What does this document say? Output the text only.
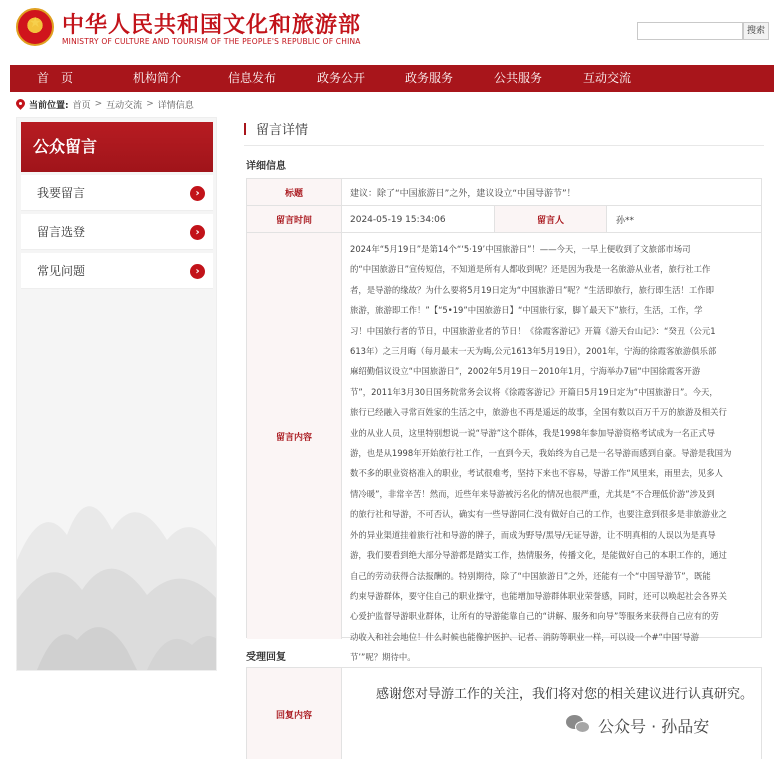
★ 中华人民共和国文化和旅游部
MINISTRY OF CULTURE AND TOURISM OF THE PEOPLE'S REPUBLIC OF CHINA
搜索
首　页	机构简介	信息发布	政务公开	政务服务	公共服务	互动交流
当前位置: 首页 > 互动交流 > 详情信息
公众留言
我要留言	›
留言选登	›
常见问题	›
留言详情
详细信息
标题	建议：除了“中国旅游日”之外，建议设立“中国导游节”！
留言时间	2024-05-19 15:34:06	留言人	孙**
留言内容

2024年“5月19日”是第14个“‘5·19’中国旅游日”！——今天，一早上便收到了文旅部市场司

的“中国旅游日”宣传短信，不知道是所有人都收到呢？还是因为我是一名旅游从业者，旅行社工作

者，是导游的缘故？为什么要将5月19日定为“中国旅游日”呢？“生活即旅行，旅行即生活！工作即

旅游，旅游即工作！”【“5•19”中国旅游日】“中国旅行家，脚丫最天下”旅行，生活，工作，学

习！中国旅行者的节日，中国旅游业者的节日！《徐霞客游记》开篇《游天台山记》：“癸丑（公元1

613年）之三月晦（每月最末一天为晦,公元1613年5月19日），2001年，宁海的徐霞客旅游俱乐部

麻绍勤倡议设立“中国旅游日”，2002年5月19日－2010年1月，宁海举办7届“中国徐霞客开游

节”，2011年3月30日国务院常务会议将《徐霞客游记》开篇日5月19日定为“中国旅游日”。今天，

旅行已经融入寻常百姓家的生活之中，旅游也不再是遥远的故事，全国有数以百万千万的旅游及相关行

业的从业人员，这里特别想说一说“导游”这个群体，我是1998年参加导游资格考试成为一名正式导

游，也是从1998年开始旅行社工作，一直到今天，我始终为自己是一名导游而感到自豪。导游是我国为

数不多的职业资格准入的职业，考试很难考，坚持下来也不容易，导游工作“风里来，雨里去，见多人

情冷暖”，非常辛苦！然而，近些年来导游被污名化的情况也很严重，尤其是“不合理低价游”涉及到

的旅行社和导游，不可否认，确实有一些导游同仁没有做好自己的工作，也要注意到很多是非旅游业之

外的异业渠道挂着旅行社和导游的牌子，而成为野导/黑导/无证导游，让不明真相的人误以为是真导

游，我们要看到绝大部分导游都是踏实工作，热情服务，传播文化，是能做好自己的本职工作的，通过

自己的劳动获得合法报酬的。特别期待，除了“中国旅游日”之外，还能有一个“中国导游节”，既能

约束导游群体，要守住自己的职业操守，也能增加导游群体职业荣誉感，同时，还可以唤起社会各界关

心爱护监督导游职业群体，让所有的导游能靠自己的“讲解、服务和向导”等服务来获得自己应有的劳

动收入和社会地位！什么时候也能像护医护、记者、消防等职业一样，可以设一个#“中国‘导游

节’”呢？期待中。

受理回复
回复内容
感谢您对导游工作的关注，我们将对您的相关建议进行认真研究。
公众号 · 孙品安
